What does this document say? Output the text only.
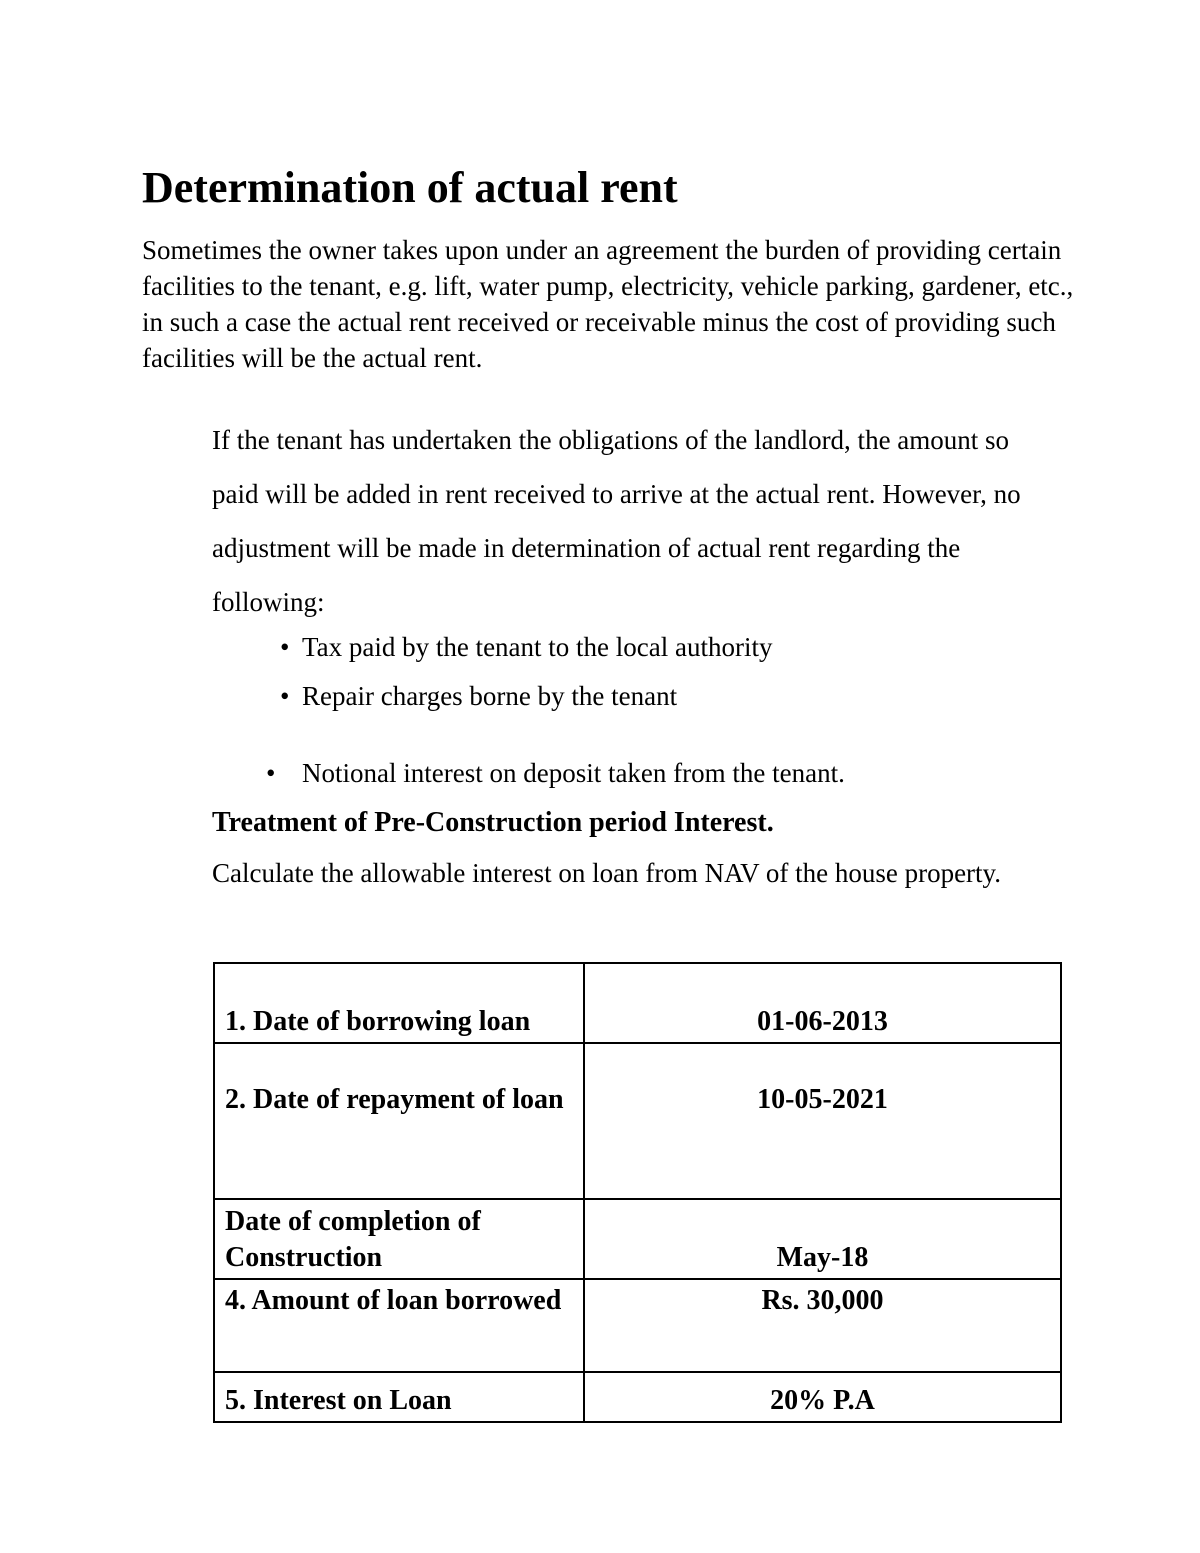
Determination of actual rent

Sometimes the owner takes upon under an agreement the burden of providing certain facilities to the tenant, e.g. lift, water pump, electricity, vehicle parking, gardener, etc., in such a case the actual rent received or receivable minus the cost of providing such facilities will be the actual rent.

If the tenant has undertaken the obligations of the landlord, the amount so paid will be added in rent received to arrive at the actual rent. However, no adjustment will be made in determination of actual rent regarding the following:

• Tax paid by the tenant to the local authority

• Repair charges borne by the tenant

• Notional interest on deposit taken from the tenant.

Treatment of Pre-Construction period Interest.

Calculate the allowable interest on loan from NAV of the house property.

1. Date of borrowing loan	01-06-2013
2. Date of repayment of loan	10-05-2021
Date of completion of Construction	May-18
4. Amount of loan borrowed	Rs. 30,000
5. Interest on Loan	20% P.A
